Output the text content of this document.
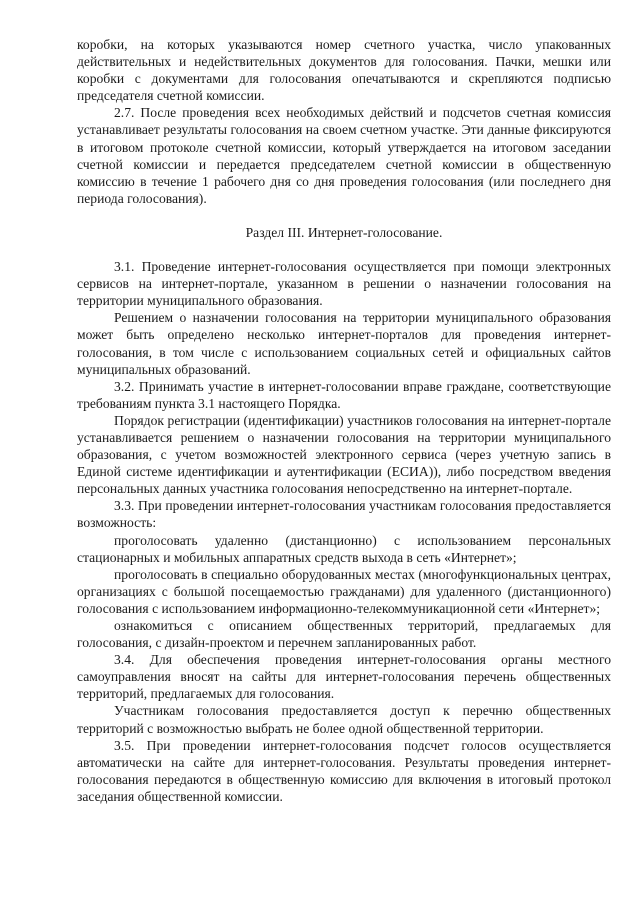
коробки, на которых указываются номер счетного участка, число упакованных действительных и недействительных документов для голосования. Пачки, мешки или коробки с документами для голосования опечатываются и скрепляются подписью председателя счетной комиссии.

2.7. После проведения всех необходимых действий и подсчетов счетная комиссия устанавливает результаты голосования на своем счетном участке. Эти данные фиксируются в итоговом протоколе счетной комиссии, который утверждается на итоговом заседании счетной комиссии и передается председателем счетной комиссии в общественную комиссию в течение 1 рабочего дня со дня проведения голосования (или последнего дня периода голосования).

Раздел III. Интернет-голосование.

3.1. Проведение интернет-голосования осуществляется при помощи электронных сервисов на интернет-портале, указанном в решении о назначении голосования на территории муниципального образования.

Решением о назначении голосования на территории муниципального образования может быть определено несколько интернет-порталов для проведения интернет-голосования, в том числе с использованием социальных сетей и официальных сайтов муниципальных образований.

3.2. Принимать участие в интернет-голосовании вправе граждане, соответствующие требованиям пункта 3.1 настоящего Порядка.

Порядок регистрации (идентификации) участников голосования на интернет-портале устанавливается решением о назначении голосования на территории муниципального образования, с учетом возможностей электронного сервиса (через учетную запись в Единой системе идентификации и аутентификации (ЕСИА)), либо посредством введения персональных данных участника голосования непосредственно на интернет-портале.

3.3. При проведении интернет-голосования участникам голосования предоставляется возможность:

проголосовать удаленно (дистанционно) с использованием персональных стационарных и мобильных аппаратных средств выхода в сеть «Интернет»;

проголосовать в специально оборудованных местах (многофункциональных центрах, организациях с большой посещаемостью гражданами) для удаленного (дистанционного) голосования с использованием информационно-телекоммуникационной сети «Интернет»;

ознакомиться с описанием общественных территорий, предлагаемых для голосования, с дизайн-проектом и перечнем запланированных работ.

3.4. Для обеспечения проведения интернет-голосования органы местного самоуправления вносят на сайты для интернет-голосования перечень общественных территорий, предлагаемых для голосования.

Участникам голосования предоставляется доступ к перечню общественных территорий с возможностью выбрать не более одной общественной территории.

3.5. При проведении интернет-голосования подсчет голосов осуществляется автоматически на сайте для интернет-голосования. Результаты проведения интернет-голосования передаются в общественную комиссию для включения в итоговый протокол заседания общественной комиссии.
